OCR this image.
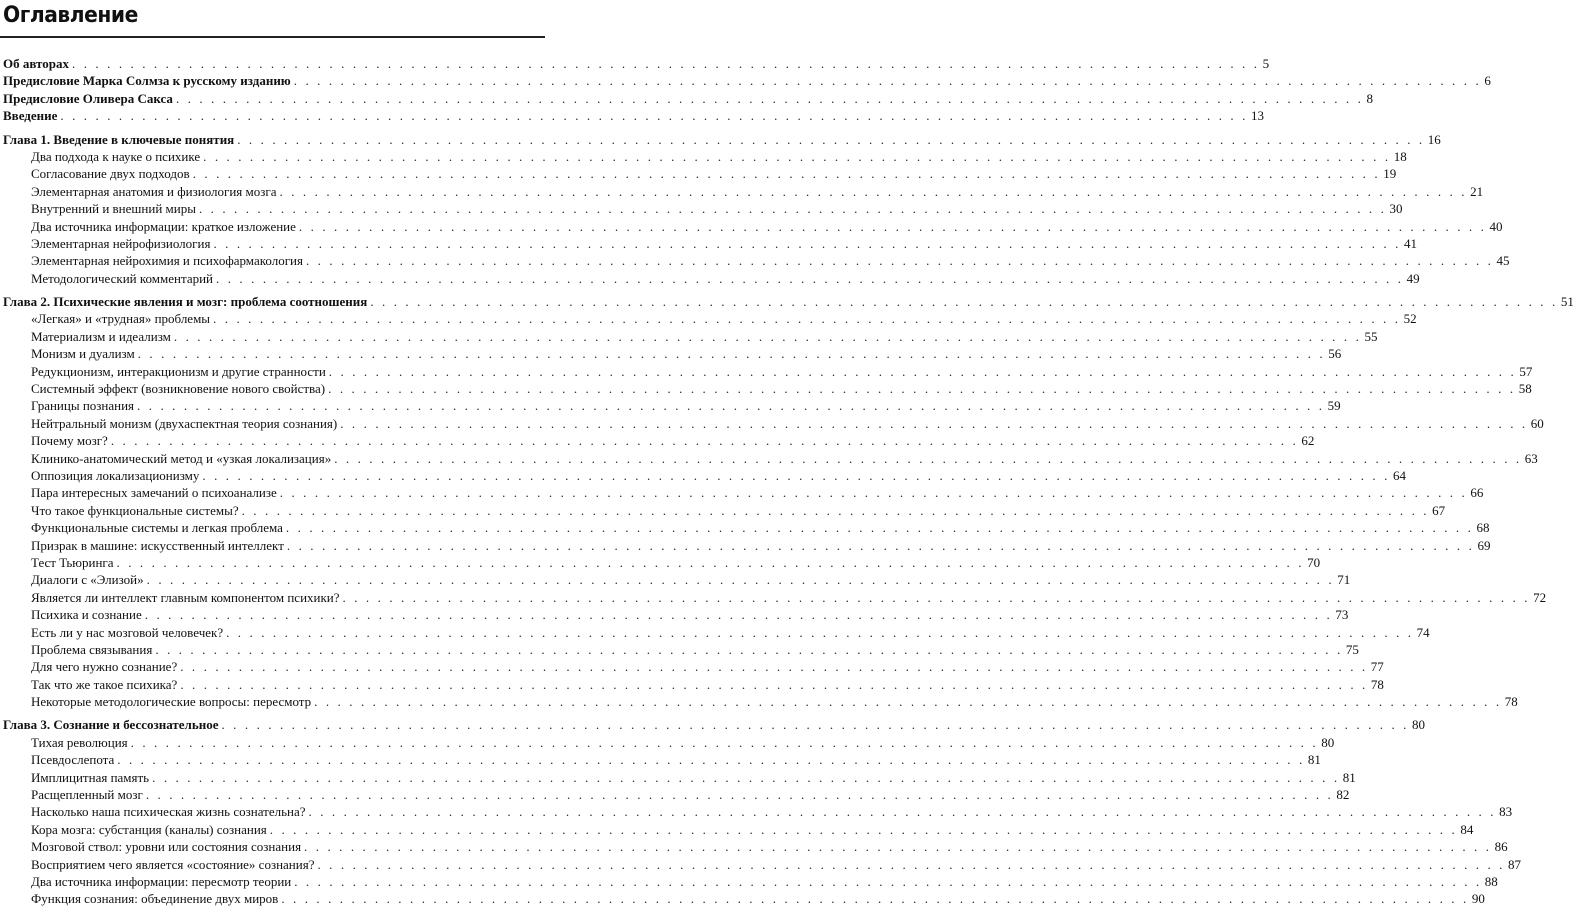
Оглавление
Об авторах . . . . . . . . . . . . . . . . . . . . . . . . . . . . . . . . . . . . . . . . . . . . . . . . . . . . . . . . . . . . . . . . . . . . . . . . . . . . . . . . . . . . . . . . . . . . . . . . . . . . . . 5
Предисловие Марка Солмза к русскому изданию . . . . . . . . . . . . . . . . . . . . . . . . . . . . . . . . . . . . . . . . . . . . . . . . . . . . . . . . . . . . . . . . . . . . . . . . . . . . . . . . . . . . . . . . . . . . . . . . . . . . . . 6
Предисловие Оливера Сакса . . . . . . . . . . . . . . . . . . . . . . . . . . . . . . . . . . . . . . . . . . . . . . . . . . . . . . . . . . . . . . . . . . . . . . . . . . . . . . . . . . . . . . . . . . . . . . . . . . . . . . 8
Введение . . . . . . . . . . . . . . . . . . . . . . . . . . . . . . . . . . . . . . . . . . . . . . . . . . . . . . . . . . . . . . . . . . . . . . . . . . . . . . . . . . . . . . . . . . . . . . . . . . . . . . 13
Глава 1. Введение в ключевые понятия . . . . . . . . . . . . . . . . . . . . . . . . . . . . . . . . . . . . . . . . . . . . . . . . . . . . . . . . . . . . . . . . . . . . . . . . . . . . . . . . . . . . . . . . . . . . . . . . . . . . . . 16
Два подхода к науке о психике . . . . . . . . . . . . . . . . . . . . . . . . . . . . . . . . . . . . . . . . . . . . . . . . . . . . . . . . . . . . . . . . . . . . . . . . . . . . . . . . . . . . . . . . . . . . . . . . . . . . . . 18
Согласование двух подходов . . . . . . . . . . . . . . . . . . . . . . . . . . . . . . . . . . . . . . . . . . . . . . . . . . . . . . . . . . . . . . . . . . . . . . . . . . . . . . . . . . . . . . . . . . . . . . . . . . . . . . 19
Элементарная анатомия и физиология мозга . . . . . . . . . . . . . . . . . . . . . . . . . . . . . . . . . . . . . . . . . . . . . . . . . . . . . . . . . . . . . . . . . . . . . . . . . . . . . . . . . . . . . . . . . . . . . . . . . . . . . . 21
Внутренний и внешний миры . . . . . . . . . . . . . . . . . . . . . . . . . . . . . . . . . . . . . . . . . . . . . . . . . . . . . . . . . . . . . . . . . . . . . . . . . . . . . . . . . . . . . . . . . . . . . . . . . . . . . . 30
Два источника информации: краткое изложение . . . . . . . . . . . . . . . . . . . . . . . . . . . . . . . . . . . . . . . . . . . . . . . . . . . . . . . . . . . . . . . . . . . . . . . . . . . . . . . . . . . . . . . . . . . . . . . . . . . . . . 40
Элементарная нейрофизиология . . . . . . . . . . . . . . . . . . . . . . . . . . . . . . . . . . . . . . . . . . . . . . . . . . . . . . . . . . . . . . . . . . . . . . . . . . . . . . . . . . . . . . . . . . . . . . . . . . . . . . 41
Элементарная нейрохимия и психофармакология . . . . . . . . . . . . . . . . . . . . . . . . . . . . . . . . . . . . . . . . . . . . . . . . . . . . . . . . . . . . . . . . . . . . . . . . . . . . . . . . . . . . . . . . . . . . . . . . . . . . . . 45
Методологический комментарий . . . . . . . . . . . . . . . . . . . . . . . . . . . . . . . . . . . . . . . . . . . . . . . . . . . . . . . . . . . . . . . . . . . . . . . . . . . . . . . . . . . . . . . . . . . . . . . . . . . . . . 49
Глава 2. Психические явления и мозг: проблема соотношения . . . . . . . . . . . . . . . . . . . . . . . . . . . . . . . . . . . . . . . . . . . . . . . . . . . . . . . . . . . . . . . . . . . . . . . . . . . . . . . . . . . . . . . . . . . . . . . . . . . . . . 51
«Легкая» и «трудная» проблемы . . . . . . . . . . . . . . . . . . . . . . . . . . . . . . . . . . . . . . . . . . . . . . . . . . . . . . . . . . . . . . . . . . . . . . . . . . . . . . . . . . . . . . . . . . . . . . . . . . . . . . 52
Материализм и идеализм . . . . . . . . . . . . . . . . . . . . . . . . . . . . . . . . . . . . . . . . . . . . . . . . . . . . . . . . . . . . . . . . . . . . . . . . . . . . . . . . . . . . . . . . . . . . . . . . . . . . . . 55
Монизм и дуализм . . . . . . . . . . . . . . . . . . . . . . . . . . . . . . . . . . . . . . . . . . . . . . . . . . . . . . . . . . . . . . . . . . . . . . . . . . . . . . . . . . . . . . . . . . . . . . . . . . . . . . 56
Редукционизм, интеракционизм и другие странности . . . . . . . . . . . . . . . . . . . . . . . . . . . . . . . . . . . . . . . . . . . . . . . . . . . . . . . . . . . . . . . . . . . . . . . . . . . . . . . . . . . . . . . . . . . . . . . . . . . . . . 57
Системный эффект (возникновение нового свойства) . . . . . . . . . . . . . . . . . . . . . . . . . . . . . . . . . . . . . . . . . . . . . . . . . . . . . . . . . . . . . . . . . . . . . . . . . . . . . . . . . . . . . . . . . . . . . . . . . . . . . . 58
Границы познания . . . . . . . . . . . . . . . . . . . . . . . . . . . . . . . . . . . . . . . . . . . . . . . . . . . . . . . . . . . . . . . . . . . . . . . . . . . . . . . . . . . . . . . . . . . . . . . . . . . . . . 59
Нейтральный монизм (двухаспектная теория сознания) . . . . . . . . . . . . . . . . . . . . . . . . . . . . . . . . . . . . . . . . . . . . . . . . . . . . . . . . . . . . . . . . . . . . . . . . . . . . . . . . . . . . . . . . . . . . . . . . . . . . . . 60
Почему мозг? . . . . . . . . . . . . . . . . . . . . . . . . . . . . . . . . . . . . . . . . . . . . . . . . . . . . . . . . . . . . . . . . . . . . . . . . . . . . . . . . . . . . . . . . . . . . . . . . . . . . . . 62
Клинико-анатомический метод и «узкая локализация» . . . . . . . . . . . . . . . . . . . . . . . . . . . . . . . . . . . . . . . . . . . . . . . . . . . . . . . . . . . . . . . . . . . . . . . . . . . . . . . . . . . . . . . . . . . . . . . . . . . . . . 63
Оппозиция локализационизму . . . . . . . . . . . . . . . . . . . . . . . . . . . . . . . . . . . . . . . . . . . . . . . . . . . . . . . . . . . . . . . . . . . . . . . . . . . . . . . . . . . . . . . . . . . . . . . . . . . . . . 64
Пара интересных замечаний о психоанализе . . . . . . . . . . . . . . . . . . . . . . . . . . . . . . . . . . . . . . . . . . . . . . . . . . . . . . . . . . . . . . . . . . . . . . . . . . . . . . . . . . . . . . . . . . . . . . . . . . . . . . 66
Что такое функциональные системы? . . . . . . . . . . . . . . . . . . . . . . . . . . . . . . . . . . . . . . . . . . . . . . . . . . . . . . . . . . . . . . . . . . . . . . . . . . . . . . . . . . . . . . . . . . . . . . . . . . . . . . 67
Функциональные системы и легкая проблема . . . . . . . . . . . . . . . . . . . . . . . . . . . . . . . . . . . . . . . . . . . . . . . . . . . . . . . . . . . . . . . . . . . . . . . . . . . . . . . . . . . . . . . . . . . . . . . . . . . . . . 68
Призрак в машине: искусственный интеллект . . . . . . . . . . . . . . . . . . . . . . . . . . . . . . . . . . . . . . . . . . . . . . . . . . . . . . . . . . . . . . . . . . . . . . . . . . . . . . . . . . . . . . . . . . . . . . . . . . . . . . 69
Тест Тьюринга . . . . . . . . . . . . . . . . . . . . . . . . . . . . . . . . . . . . . . . . . . . . . . . . . . . . . . . . . . . . . . . . . . . . . . . . . . . . . . . . . . . . . . . . . . . . . . . . . . . . . . 70
Диалоги с «Элизой» . . . . . . . . . . . . . . . . . . . . . . . . . . . . . . . . . . . . . . . . . . . . . . . . . . . . . . . . . . . . . . . . . . . . . . . . . . . . . . . . . . . . . . . . . . . . . . . . . . . . . . 71
Является ли интеллект главным компонентом психики? . . . . . . . . . . . . . . . . . . . . . . . . . . . . . . . . . . . . . . . . . . . . . . . . . . . . . . . . . . . . . . . . . . . . . . . . . . . . . . . . . . . . . . . . . . . . . . . . . . . . . . 72
Психика и сознание . . . . . . . . . . . . . . . . . . . . . . . . . . . . . . . . . . . . . . . . . . . . . . . . . . . . . . . . . . . . . . . . . . . . . . . . . . . . . . . . . . . . . . . . . . . . . . . . . . . . . . 73
Есть ли у нас мозговой человечек? . . . . . . . . . . . . . . . . . . . . . . . . . . . . . . . . . . . . . . . . . . . . . . . . . . . . . . . . . . . . . . . . . . . . . . . . . . . . . . . . . . . . . . . . . . . . . . . . . . . . . . 74
Проблема связывания . . . . . . . . . . . . . . . . . . . . . . . . . . . . . . . . . . . . . . . . . . . . . . . . . . . . . . . . . . . . . . . . . . . . . . . . . . . . . . . . . . . . . . . . . . . . . . . . . . . . . . 75
Для чего нужно сознание? . . . . . . . . . . . . . . . . . . . . . . . . . . . . . . . . . . . . . . . . . . . . . . . . . . . . . . . . . . . . . . . . . . . . . . . . . . . . . . . . . . . . . . . . . . . . . . . . . . . . . . 77
Так что же такое психика? . . . . . . . . . . . . . . . . . . . . . . . . . . . . . . . . . . . . . . . . . . . . . . . . . . . . . . . . . . . . . . . . . . . . . . . . . . . . . . . . . . . . . . . . . . . . . . . . . . . . . . 78
Некоторые методологические вопросы: пересмотр . . . . . . . . . . . . . . . . . . . . . . . . . . . . . . . . . . . . . . . . . . . . . . . . . . . . . . . . . . . . . . . . . . . . . . . . . . . . . . . . . . . . . . . . . . . . . . . . . . . . . . 78
Глава 3. Сознание и бессознательное . . . . . . . . . . . . . . . . . . . . . . . . . . . . . . . . . . . . . . . . . . . . . . . . . . . . . . . . . . . . . . . . . . . . . . . . . . . . . . . . . . . . . . . . . . . . . . . . . . . . . . 80
Тихая революция . . . . . . . . . . . . . . . . . . . . . . . . . . . . . . . . . . . . . . . . . . . . . . . . . . . . . . . . . . . . . . . . . . . . . . . . . . . . . . . . . . . . . . . . . . . . . . . . . . . . . . 80
Псевдослепота . . . . . . . . . . . . . . . . . . . . . . . . . . . . . . . . . . . . . . . . . . . . . . . . . . . . . . . . . . . . . . . . . . . . . . . . . . . . . . . . . . . . . . . . . . . . . . . . . . . . . . 81
Имплицитная память . . . . . . . . . . . . . . . . . . . . . . . . . . . . . . . . . . . . . . . . . . . . . . . . . . . . . . . . . . . . . . . . . . . . . . . . . . . . . . . . . . . . . . . . . . . . . . . . . . . . . . 81
Расщепленный мозг . . . . . . . . . . . . . . . . . . . . . . . . . . . . . . . . . . . . . . . . . . . . . . . . . . . . . . . . . . . . . . . . . . . . . . . . . . . . . . . . . . . . . . . . . . . . . . . . . . . . . . 82
Насколько наша психическая жизнь сознательна? . . . . . . . . . . . . . . . . . . . . . . . . . . . . . . . . . . . . . . . . . . . . . . . . . . . . . . . . . . . . . . . . . . . . . . . . . . . . . . . . . . . . . . . . . . . . . . . . . . . . . . 83
Кора мозга: субстанция (каналы) сознания . . . . . . . . . . . . . . . . . . . . . . . . . . . . . . . . . . . . . . . . . . . . . . . . . . . . . . . . . . . . . . . . . . . . . . . . . . . . . . . . . . . . . . . . . . . . . . . . . . . . . . 84
Мозговой ствол: уровни или состояния сознания . . . . . . . . . . . . . . . . . . . . . . . . . . . . . . . . . . . . . . . . . . . . . . . . . . . . . . . . . . . . . . . . . . . . . . . . . . . . . . . . . . . . . . . . . . . . . . . . . . . . . . 86
Восприятием чего является «состояние» сознания? . . . . . . . . . . . . . . . . . . . . . . . . . . . . . . . . . . . . . . . . . . . . . . . . . . . . . . . . . . . . . . . . . . . . . . . . . . . . . . . . . . . . . . . . . . . . . . . . . . . . . . 87
Два источника информации: пересмотр теории . . . . . . . . . . . . . . . . . . . . . . . . . . . . . . . . . . . . . . . . . . . . . . . . . . . . . . . . . . . . . . . . . . . . . . . . . . . . . . . . . . . . . . . . . . . . . . . . . . . . . . 88
Функция сознания: объединение двух миров . . . . . . . . . . . . . . . . . . . . . . . . . . . . . . . . . . . . . . . . . . . . . . . . . . . . . . . . . . . . . . . . . . . . . . . . . . . . . . . . . . . . . . . . . . . . . . . . . . . . . . 90
